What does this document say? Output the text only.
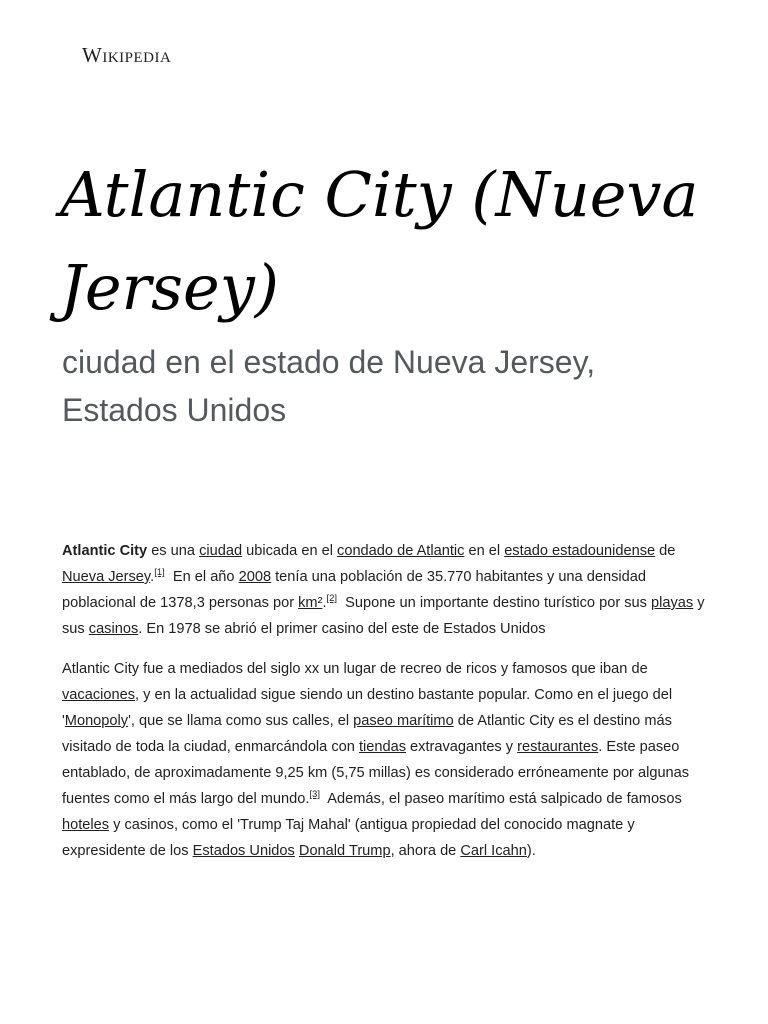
Wikipedia
Atlantic City (Nueva Jersey)
ciudad en el estado de Nueva Jersey, Estados Unidos

Atlantic City es una ciudad ubicada en el condado de Atlantic en el estado estadounidense de Nueva Jersey.[1]  En el año 2008 tenía una población de 35.770 habitantes y una densidad poblacional de 1378,3 personas por km².[2]  Supone un importante destino turístico por sus playas y sus casinos. En 1978 se abrió el primer casino del este de Estados Unidos

Atlantic City fue a mediados del siglo xx un lugar de recreo de ricos y famosos que iban de vacaciones, y en la actualidad sigue siendo un destino bastante popular. Como en el juego del 'Monopoly', que se llama como sus calles, el paseo marítimo de Atlantic City es el destino más visitado de toda la ciudad, enmarcándola con tiendas extravagantes y restaurantes. Este paseo entablado, de aproximadamente 9,25 km (5,75 millas) es considerado erróneamente por algunas fuentes como el más largo del mundo.[3]  Además, el paseo marítimo está salpicado de famosos hoteles y casinos, como el 'Trump Taj Mahal' (antigua propiedad del conocido magnate y expresidente de los Estados Unidos Donald Trump, ahora de Carl Icahn).
